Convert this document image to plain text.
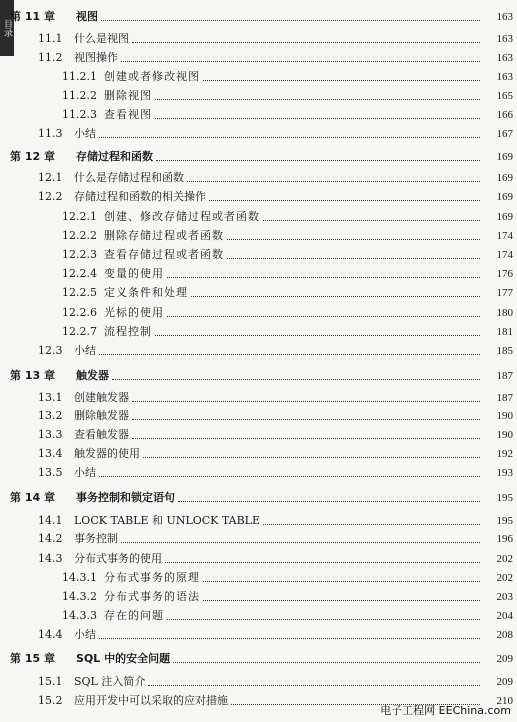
目录
第 11 章	视图	163
11.1	什么是视图	163
11.2	视图操作	163
11.2.1 创建或者修改视图	163
11.2.2 删除视图	165
11.2.3 查看视图	166
11.3	小结	167
第 12 章	存储过程和函数	169
12.1	什么是存储过程和函数	169
12.2	存储过程和函数的相关操作	169
12.2.1 创建、修改存储过程或者函数	169
12.2.2 删除存储过程或者函数	174
12.2.3 查看存储过程或者函数	174
12.2.4 变量的使用	176
12.2.5 定义条件和处理	177
12.2.6 光标的使用	180
12.2.7 流程控制	181
12.3	小结	185
第 13 章	触发器	187
13.1	创建触发器	187
13.2	删除触发器	190
13.3	查看触发器	190
13.4	触发器的使用	192
13.5	小结	193
第 14 章	事务控制和锁定语句	195
14.1	LOCK TABLE 和 UNLOCK TABLE	195
14.2	事务控制	196
14.3	分布式事务的使用	202
14.3.1 分布式事务的原理	202
14.3.2 分布式事务的语法	203
14.3.3 存在的问题	204
14.4	小结	208
第 15 章	SQL 中的安全问题	209
15.1	SQL 注入简介	209
15.2	应用开发中可以采取的应对措施	210
电子工程网 EEChina.com
